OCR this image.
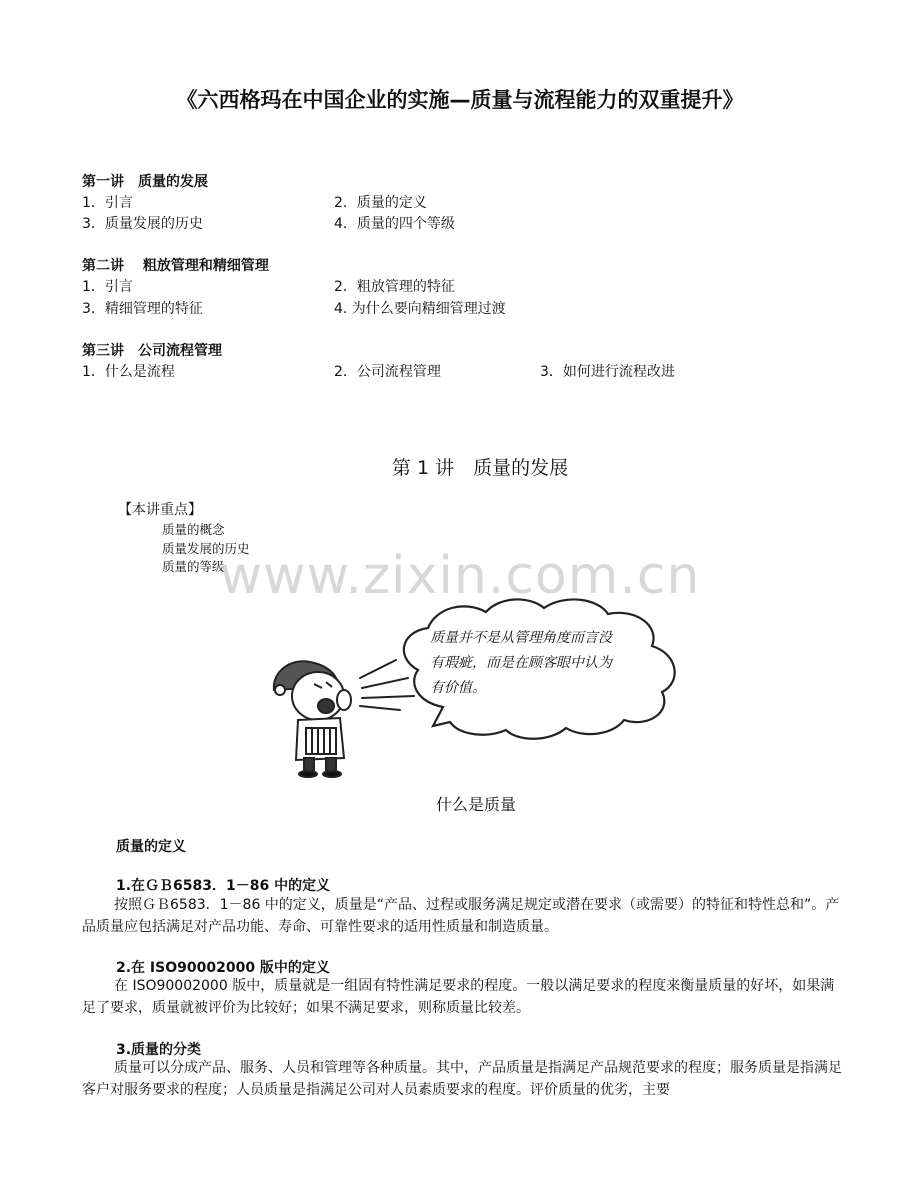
《六西格玛在中国企业的实施—质量与流程能力的双重提升》
第一讲　质量的发展
1．引言	2．质量的定义
3．质量发展的历史	4．质量的四个等级
第二讲　 粗放管理和精细管理
1．引言	2．粗放管理的特征
3．精细管理的特征	4. 为什么要向精细管理过渡
第三讲　公司流程管理
1．什么是流程	2．公司流程管理	3．如何进行流程改进
第 1 讲　质量的发展
【本讲重点】
质量的概念
质量发展的历史
质量的等级
www.zixin.com.cn
质量并不是从管理角度而言没有瑕疵，而是在顾客眼中认为有价值。
什么是质量
质量的定义
1.在ＧＢ6583．1－86 中的定义
按照ＧＢ6583．1－86 中的定义，质量是“产品、过程或服务满足规定或潜在要求（或需要）的特征和特性总和”。产品质量应包括满足对产品功能、寿命、可靠性要求的适用性质量和制造质量。
2.在 ISO90002000 版中的定义
在 ISO90002000 版中，质量就是一组固有特性满足要求的程度。一般以满足要求的程度来衡量质量的好坏，如果满足了要求，质量就被评价为比较好；如果不满足要求，则称质量比较差。
3.质量的分类
质量可以分成产品、服务、人员和管理等各种质量。其中，产品质量是指满足产品规范要求的程度；服务质量是指满足客户对服务要求的程度；人员质量是指满足公司对人员素质要求的程度。评价质量的优劣，主要
